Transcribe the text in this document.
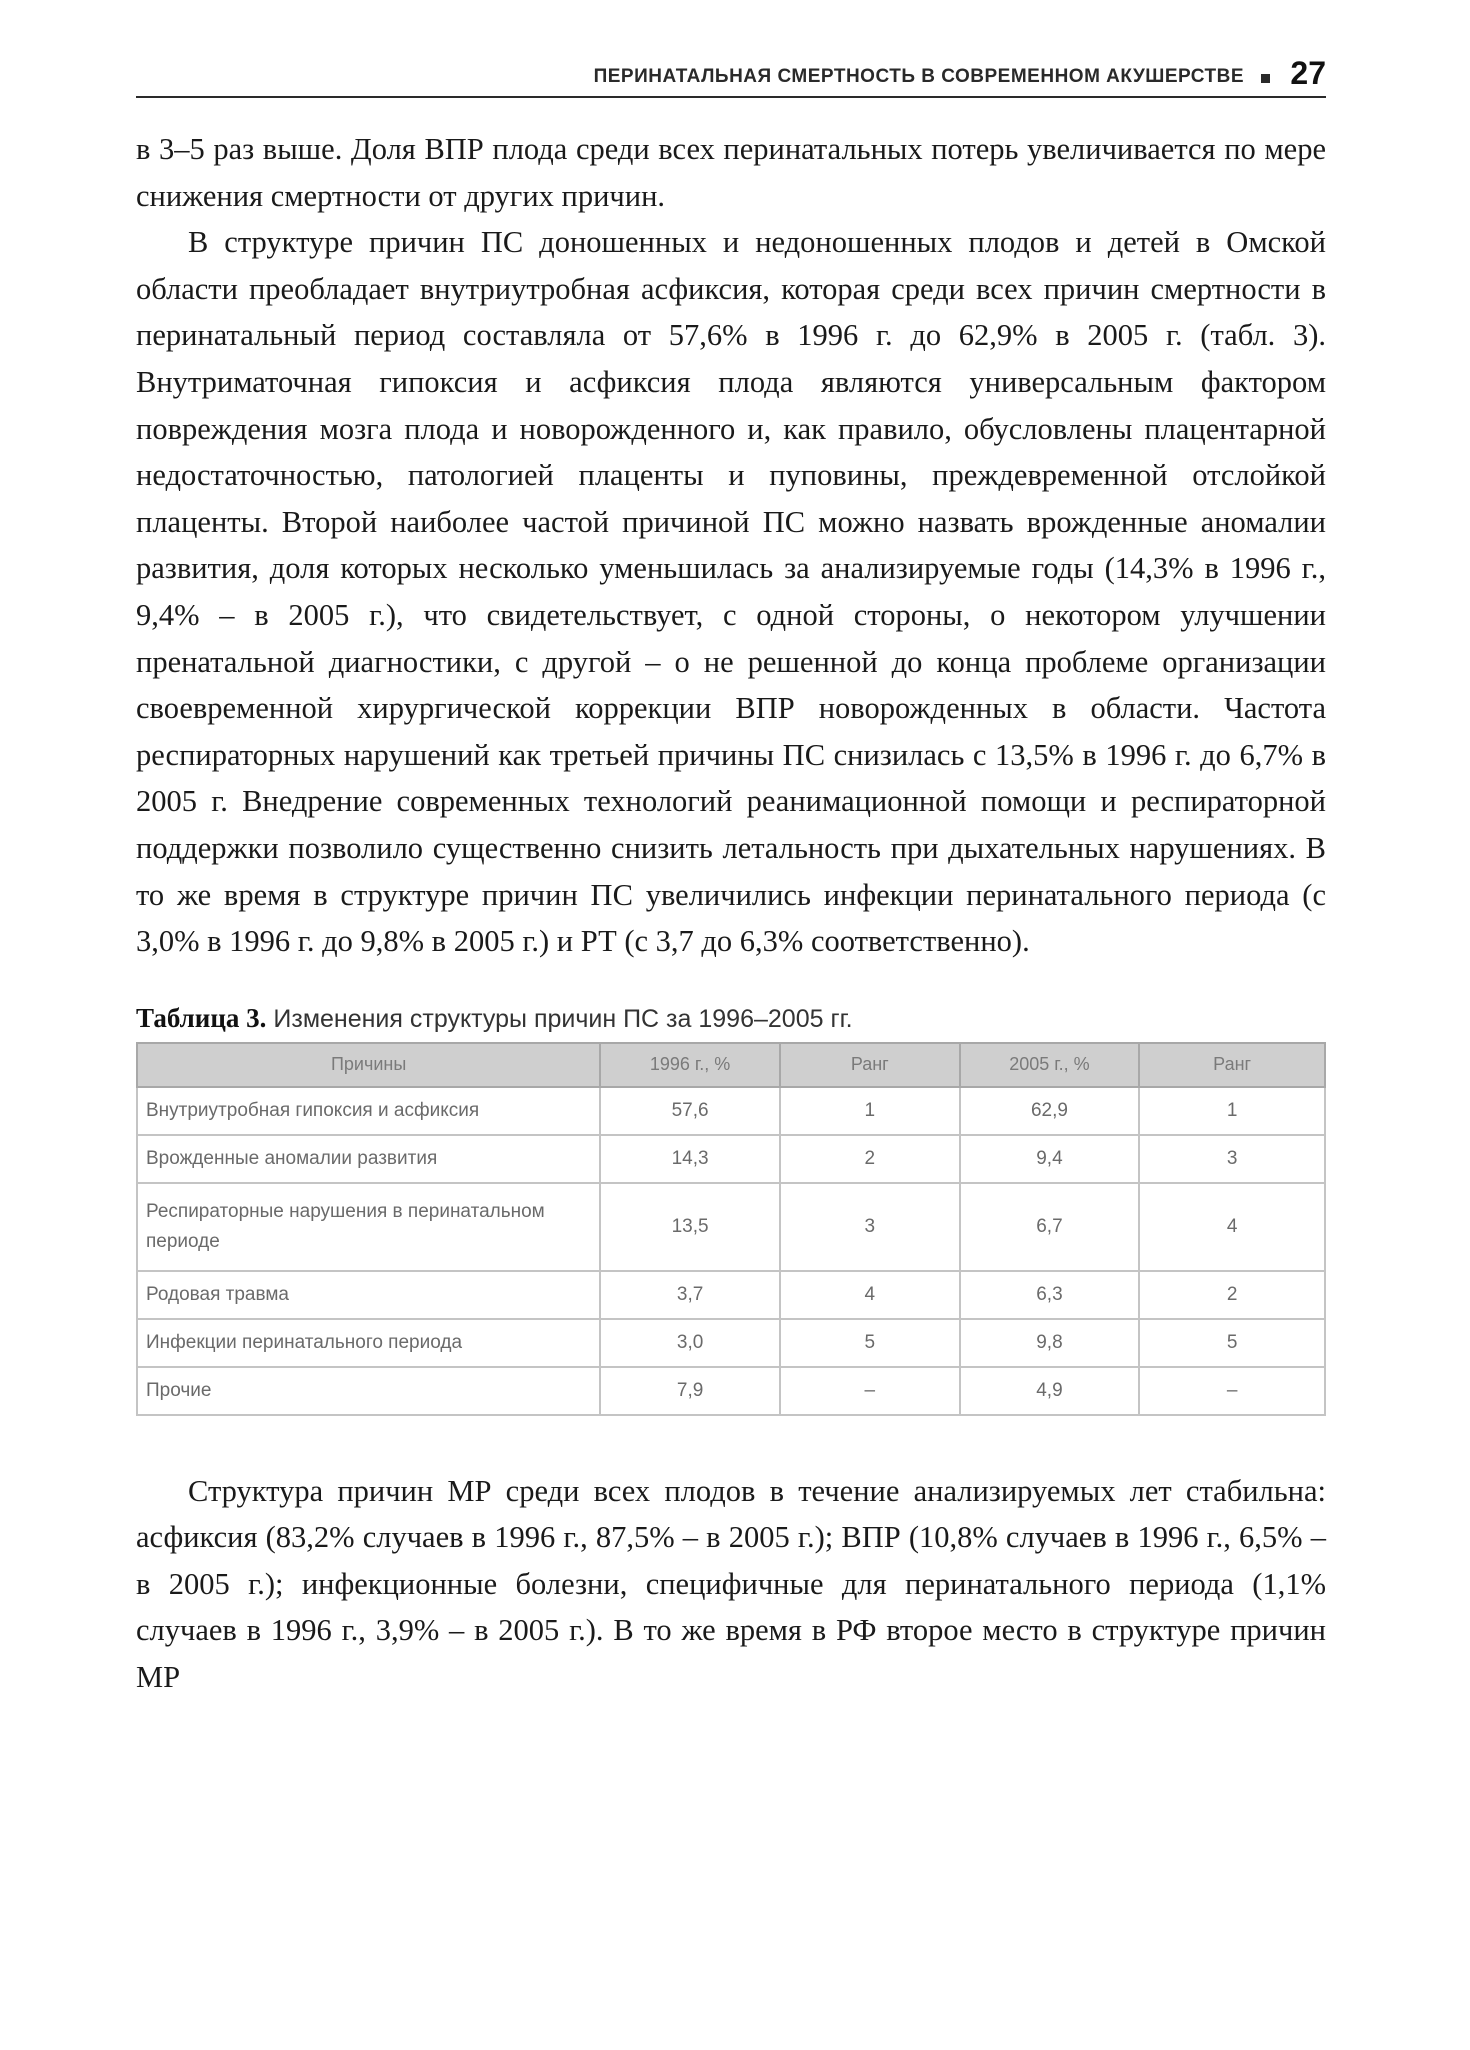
ПЕРИНАТАЛЬНАЯ СМЕРТНОСТЬ В СОВРЕМЕННОМ АКУШЕРСТВЕ 27

в 3–5 раз выше. Доля ВПР плода среди всех перинатальных потерь увеличивается по мере снижения смертности от других причин.

В структуре причин ПС доношенных и недоношенных плодов и детей в Омской области преобладает внутриутробная асфиксия, которая среди всех причин смертности в перинатальный период составляла от 57,6% в 1996 г. до 62,9% в 2005 г. (табл. 3). Внутриматочная гипоксия и асфиксия плода являются универсальным фактором повреждения мозга плода и новорожденного и, как правило, обусловлены плацентарной недостаточностью, патологией плаценты и пуповины, преждевременной отслойкой плаценты. Второй наиболее частой причиной ПС можно назвать врожденные аномалии развития, доля которых несколько уменьшилась за анализируемые годы (14,3% в 1996 г., 9,4% – в 2005 г.), что свидетельствует, с одной стороны, о некотором улучшении пренатальной диагностики, с другой – о не решенной до конца проблеме организации своевременной хирургической коррекции ВПР новорожденных в области. Частота респираторных нарушений как третьей причины ПС снизилась с 13,5% в 1996 г. до 6,7% в 2005 г. Внедрение современных технологий реанимационной помощи и респираторной поддержки позволило существенно снизить летальность при дыхательных нарушениях. В то же время в структуре причин ПС увеличились инфекции перинатального периода (с 3,0% в 1996 г. до 9,8% в 2005 г.) и РТ (с 3,7 до 6,3% соответственно).

Таблица 3. Изменения структуры причин ПС за 1996–2005 гг.
Причины	1996 г., %	Ранг	2005 г., %	Ранг
Внутриутробная гипоксия и асфиксия	57,6	1	62,9	1
Врожденные аномалии развития	14,3	2	9,4	3
Респираторные нарушения в перинатальном периоде	13,5	3	6,7	4
Родовая травма	3,7	4	6,3	2
Инфекции перинатального периода	3,0	5	9,8	5
Прочие	7,9	–	4,9	–

Структура причин МР среди всех плодов в течение анализируемых лет стабильна: асфиксия (83,2% случаев в 1996 г., 87,5% – в 2005 г.); ВПР (10,8% случаев в 1996 г., 6,5% – в 2005 г.); инфекционные болезни, специфичные для перинатального периода (1,1% случаев в 1996 г., 3,9% – в 2005 г.). В то же время в РФ второе место в структуре причин МР
